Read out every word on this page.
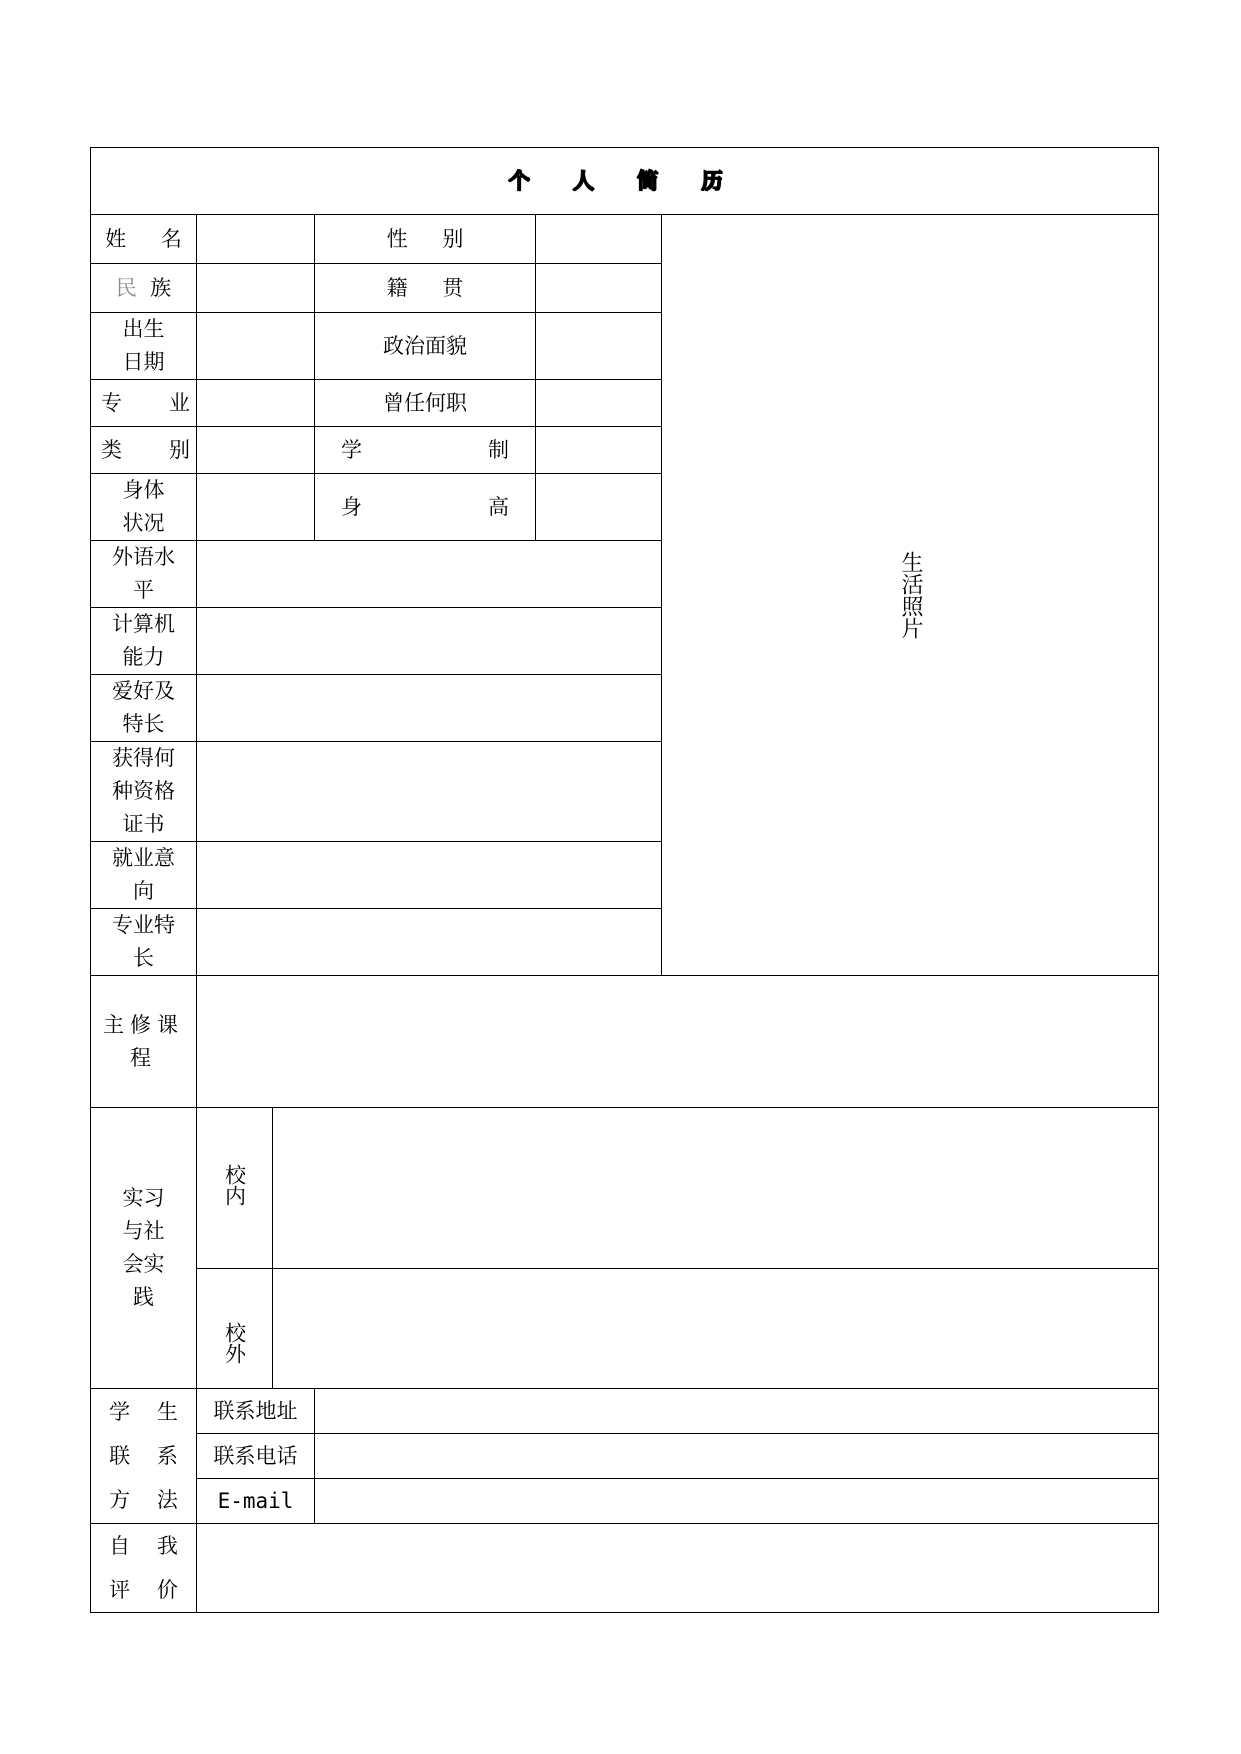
个 人 简 历					
姓 名			性 别		生活照片
民 族			籍 贯		

出生日期			政治面貌		

专 业			曾任何职		

类 别			学 制		

身体状况			身 高		

外语水平					

计算机能力					

爱好及特长					

获得何种资格证书					

就业意向					

专业特长					

主修课程					

实习与社会实践	校内				
	校外				

学 生
联 系
方 法	联系地址				
	联系电话				
	E-mail				

自 我
评 价					
